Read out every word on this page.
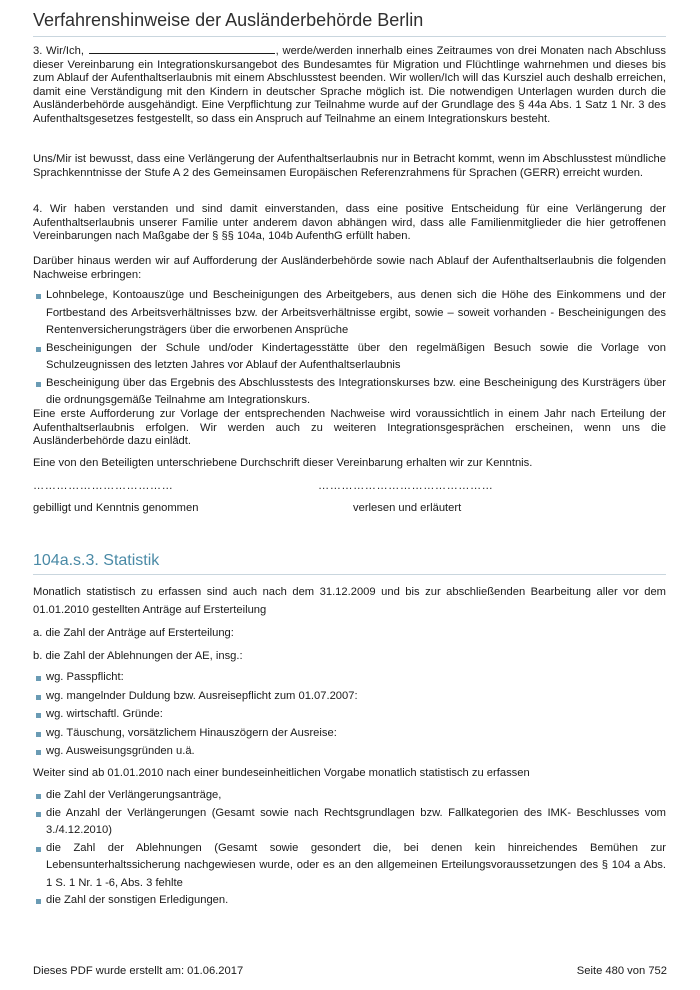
Verfahrenshinweise der Ausländerbehörde Berlin

3. Wir/Ich,	, werde/werden innerhalb eines Zeitraumes von drei Monaten nach Abschluss dieser Vereinbarung ein Integrationskursangebot des Bundesamtes für Migration und Flüchtlinge wahrnehmen und dieses bis zum Ablauf der Aufenthaltserlaubnis mit einem Abschlusstest beenden. Wir wollen/Ich will das Kursziel auch deshalb erreichen, damit eine Verständigung mit den Kindern in deutscher Sprache möglich ist. Die notwendigen Unterlagen wurden durch die Ausländerbehörde ausgehändigt. Eine Verpflichtung zur Teilnahme wurde auf der Grundlage des § 44a Abs. 1 Satz 1 Nr. 3 des Aufenthaltsgesetzes festgestellt, so dass ein Anspruch auf Teilnahme an einem Integrationskurs besteht.

Uns/Mir ist bewusst, dass eine Verlängerung der Aufenthaltserlaubnis nur in Betracht kommt, wenn im Abschlusstest mündliche Sprachkenntnisse der Stufe A 2 des Gemeinsamen Europäischen Referenzrahmens für Sprachen (GERR) erreicht wurden.

4. Wir haben verstanden und sind damit einverstanden, dass eine positive Entscheidung für eine Verlängerung der Aufenthaltserlaubnis unserer Familie unter anderem davon abhängen wird, dass alle Familienmitglieder die hier getroffenen Vereinbarungen nach Maßgabe der § §§ 104a, 104b AufenthG erfüllt haben.

Darüber hinaus werden wir auf Aufforderung der Ausländerbehörde sowie nach Ablauf der Aufenthaltserlaubnis die folgenden Nachweise erbringen:

Lohnbelege, Kontoauszüge und Bescheinigungen des Arbeitgebers, aus denen sich die Höhe des Einkommens und der Fortbestand des Arbeitsverhältnisses bzw. der Arbeitsverhältnisse ergibt, sowie – soweit vorhanden - Bescheinigungen des Rentenversicherungsträgers über die erworbenen Ansprüche
Bescheinigungen der Schule und/oder Kindertagesstätte über den regelmäßigen Besuch sowie die Vorlage von Schulzeugnissen des letzten Jahres vor Ablauf der Aufenthaltserlaubnis
Bescheinigung über das Ergebnis des Abschlusstests des Integrationskurses bzw. eine Bescheinigung des Kursträgers über die ordnungsgemäße Teilnahme am Integrationskurs.

Eine erste Aufforderung zur Vorlage der entsprechenden Nachweise wird voraussichtlich in einem Jahr nach Erteilung der Aufenthaltserlaubnis erfolgen. Wir werden auch zu weiteren Integrationsgesprächen erscheinen, wenn uns die Ausländerbehörde dazu einlädt.

Eine von den Beteiligten unterschriebene Durchschrift dieser Vereinbarung erhalten wir zur Kenntnis.

………………………………	………………………………………
gebilligt und Kenntnis genommen	verlesen und erläutert
104a.s.3. Statistik

Monatlich statistisch zu erfassen sind auch nach dem 31.12.2009 und bis zur abschließenden Bearbeitung aller vor dem 01.01.2010 gestellten Anträge auf Ersterteilung

a. die Zahl der Anträge auf Ersterteilung:
b. die Zahl der Ablehnungen der AE, insg.:
wg. Passpflicht:
wg. mangelnder Duldung bzw. Ausreisepflicht zum 01.07.2007:
wg. wirtschaftl. Gründe:
wg. Täuschung, vorsätzlichem Hinauszögern der Ausreise:
wg. Ausweisungsgründen u.ä.
Weiter sind ab 01.01.2010 nach einer bundeseinheitlichen Vorgabe monatlich statistisch zu erfassen
die Zahl der Verlängerungsanträge,
die Anzahl der Verlängerungen (Gesamt sowie nach Rechtsgrundlagen bzw. Fallkategorien des IMK- Beschlusses vom 3./4.12.2010)
die Zahl der Ablehnungen (Gesamt sowie gesondert die, bei denen kein hinreichendes Bemühen zur Lebensunterhaltssicherung nachgewiesen wurde, oder es an den allgemeinen Erteilungsvoraussetzungen des § 104 a Abs. 1 S. 1 Nr. 1 -6, Abs. 3 fehlte
die Zahl der sonstigen Erledigungen.
Dieses PDF wurde erstellt am: 01.06.2017	Seite 480 von 752
